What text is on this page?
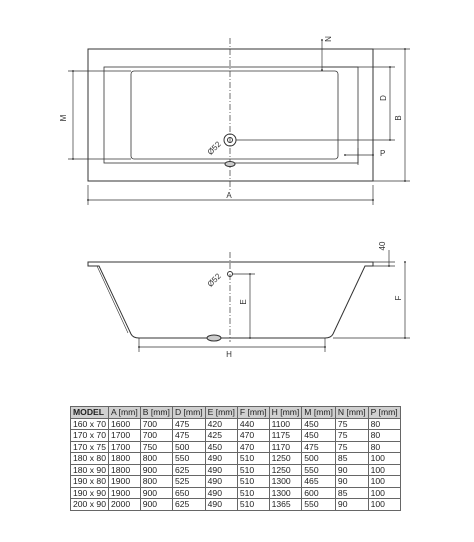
A
M
D
B
N
P
Ø52
40
F
E
H
Ø52
MODEL	A [mm]	B [mm]	D [mm]	E [mm]	F [mm]	H [mm]	M [mm]	N [mm]	P [mm]
160 x 70	1600	700	475	420	440	1100	450	75	80
170 x 70	1700	700	475	425	470	1175	450	75	80
170 x 75	1700	750	500	450	470	1170	475	75	80
180 x 80	1800	800	550	490	510	1250	500	85	100
180 x 90	1800	900	625	490	510	1250	550	90	100
190 x 80	1900	800	525	490	510	1300	465	90	100
190 x 90	1900	900	650	490	510	1300	600	85	100
200 x 90	2000	900	625	490	510	1365	550	90	100
